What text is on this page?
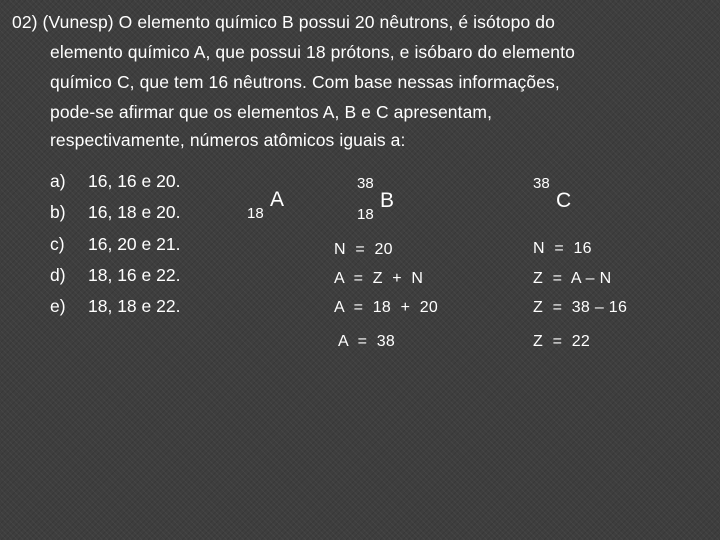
02) (Vunesp) O elemento químico B possui 20 nêutrons, é isótopo do
elemento químico A, que possui 18 prótons, e isóbaro do elemento
químico C, que tem 16 nêutrons. Com base nessas informações,
pode-se afirmar que os elementos A, B e C apresentam,
respectivamente, números atômicos iguais a:
a) 16, 16 e 20.
b) 16, 18 e 20.
c) 16, 20 e 21.
d) 18, 16 e 22.
e) 18, 18 e 22.
18
A
38
18
B
38
C
N  =  20
A  =  Z  +  N
A  =  18  +  20
A  =  38
N  =  16
Z  =  A – N
Z  =  38 – 16
Z  =  22
